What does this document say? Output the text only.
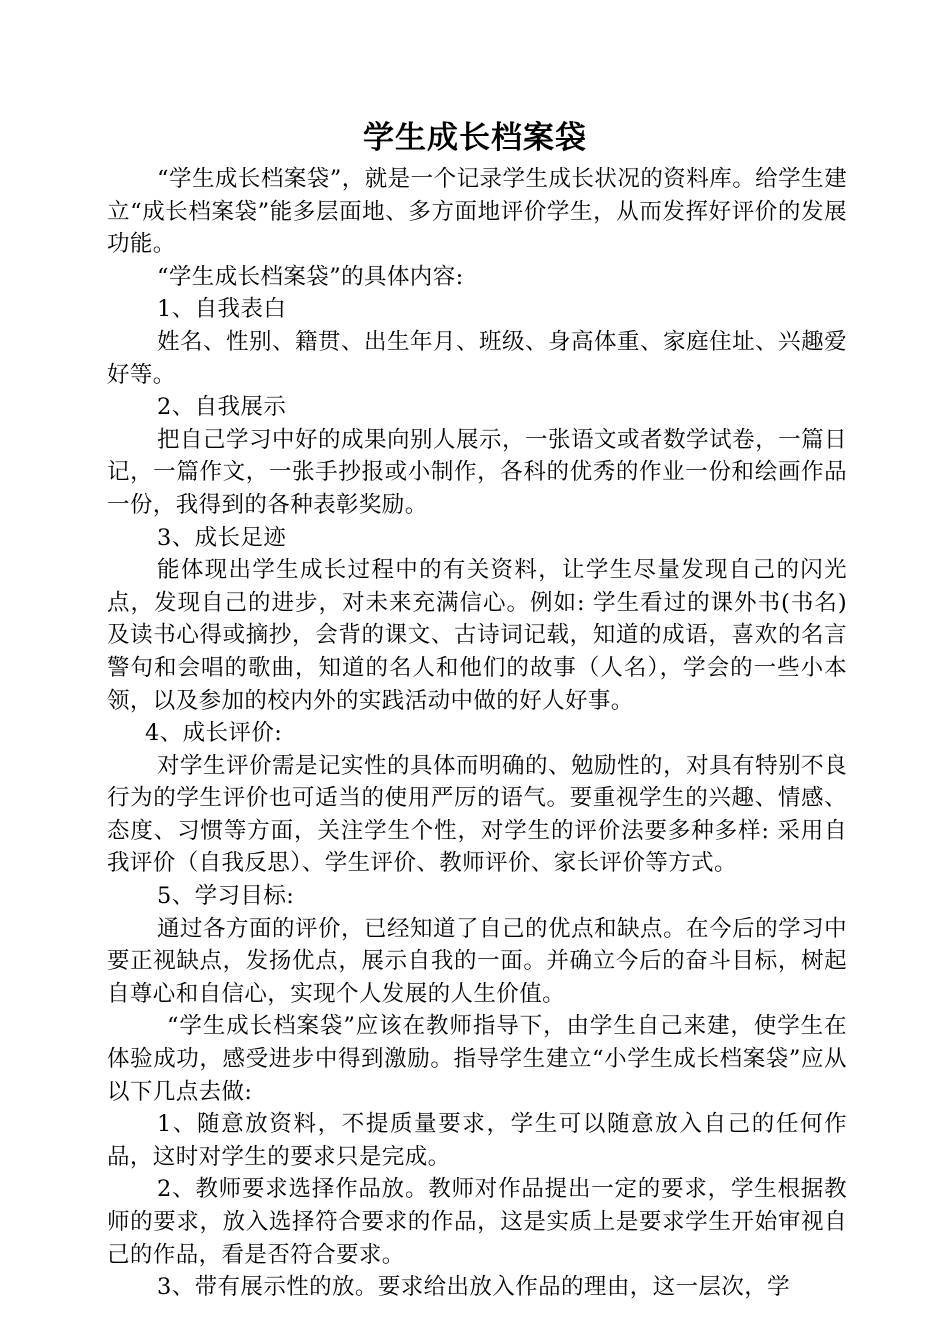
学生成长档案袋

“学生成长档案袋”，就是一个记录学生成长状况的资料库。给学生建立“成长档案袋”能多层面地、多方面地评价学生，从而发挥好评价的发展功能。

“学生成长档案袋”的具体内容:

1、自我表白

姓名、性别、籍贯、出生年月、班级、身高体重、家庭住址、兴趣爱好等。

2、自我展示

把自己学习中好的成果向别人展示，一张语文或者数学试卷，一篇日记，一篇作文，一张手抄报或小制作，各科的优秀的作业一份和绘画作品一份，我得到的各种表彰奖励。

3、成长足迹

能体现出学生成长过程中的有关资料，让学生尽量发现自己的闪光点，发现自己的进步，对未来充满信心。例如: 学生看过的课外书(书名)及读书心得或摘抄，会背的课文、古诗词记载，知道的成语，喜欢的名言警句和会唱的歌曲，知道的名人和他们的故事（人名），学会的一些小本领，以及参加的校内外的实践活动中做的好人好事。

4、成长评价:

对学生评价需是记实性的具体而明确的、勉励性的，对具有特别不良行为的学生评价也可适当的使用严厉的语气。要重视学生的兴趣、情感、态度、习惯等方面，关注学生个性，对学生的评价法要多种多样: 采用自我评价（自我反思）、学生评价、教师评价、家长评价等方式。

5、学习目标:

通过各方面的评价，已经知道了自己的优点和缺点。在今后的学习中要正视缺点，发扬优点，展示自我的一面。并确立今后的奋斗目标，树起自尊心和自信心，实现个人发展的人生价值。

“学生成长档案袋”应该在教师指导下，由学生自己来建，使学生在体验成功，感受进步中得到激励。指导学生建立“小学生成长档案袋”应从以下几点去做:

1、随意放资料，不提质量要求，学生可以随意放入自己的任何作品，这时对学生的要求只是完成。

2、教师要求选择作品放。教师对作品提出一定的要求，学生根据教师的要求，放入选择符合要求的作品，这是实质上是要求学生开始审视自己的作品，看是否符合要求。

3、带有展示性的放。要求给出放入作品的理由，这一层次，学
